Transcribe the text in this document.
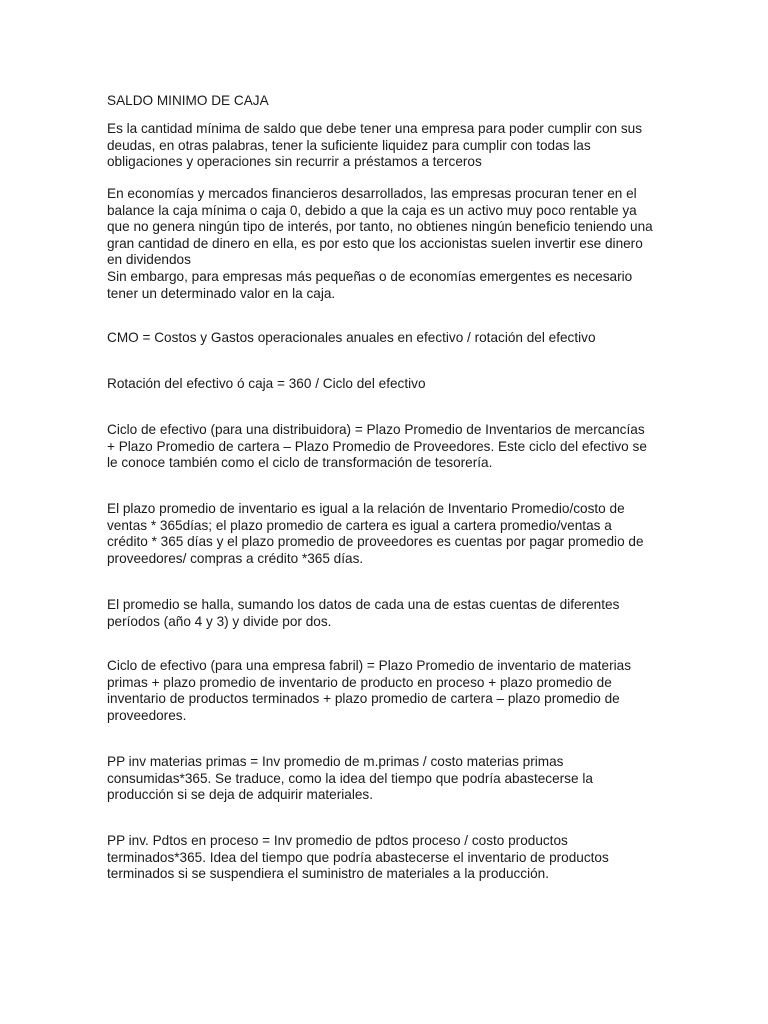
SALDO MINIMO DE CAJA

Es la cantidad mínima de saldo que debe tener una empresa para poder cumplir con sus
deudas, en otras palabras, tener la suficiente liquidez para cumplir con todas las
obligaciones y operaciones sin recurrir a préstamos a terceros

En economías y mercados financieros desarrollados, las empresas procuran tener en el
balance la caja mínima o caja 0, debido a que la caja es un activo muy poco rentable ya
que no genera ningún tipo de interés, por tanto, no obtienes ningún beneficio teniendo una
gran cantidad de dinero en ella, es por esto que los accionistas suelen invertir ese dinero
en dividendos
Sin embargo, para empresas más pequeñas o de economías emergentes es necesario
tener un determinado valor en la caja.

CMO = Costos y Gastos operacionales anuales en efectivo / rotación del efectivo

Rotación del efectivo ó caja = 360 / Ciclo del efectivo

Ciclo de efectivo (para una distribuidora) = Plazo Promedio de Inventarios de mercancías
+ Plazo Promedio de cartera – Plazo Promedio de Proveedores. Este ciclo del efectivo se
le conoce también como el ciclo de transformación de tesorería.

El plazo promedio de inventario es igual a la relación de Inventario Promedio/costo de
ventas * 365días; el plazo promedio de cartera es igual a cartera promedio/ventas a
crédito * 365 días y el plazo promedio de proveedores es cuentas por pagar promedio de
proveedores/ compras a crédito *365 días.

El promedio se halla, sumando los datos de cada una de estas cuentas de diferentes
períodos (año 4 y 3) y divide por dos.

Ciclo de efectivo (para una empresa fabril) = Plazo Promedio de inventario de materias
primas + plazo promedio de inventario de producto en proceso + plazo promedio de
inventario de productos terminados + plazo promedio de cartera – plazo promedio de
proveedores.

PP inv materias primas = Inv promedio de m.primas / costo materias primas
consumidas*365. Se traduce, como la idea del tiempo que podría abastecerse la
producción si se deja de adquirir materiales.

PP inv. Pdtos en proceso = Inv promedio de pdtos proceso / costo productos
terminados*365. Idea del tiempo que podría abastecerse el inventario de productos
terminados si se suspendiera el suministro de materiales a la producción.
